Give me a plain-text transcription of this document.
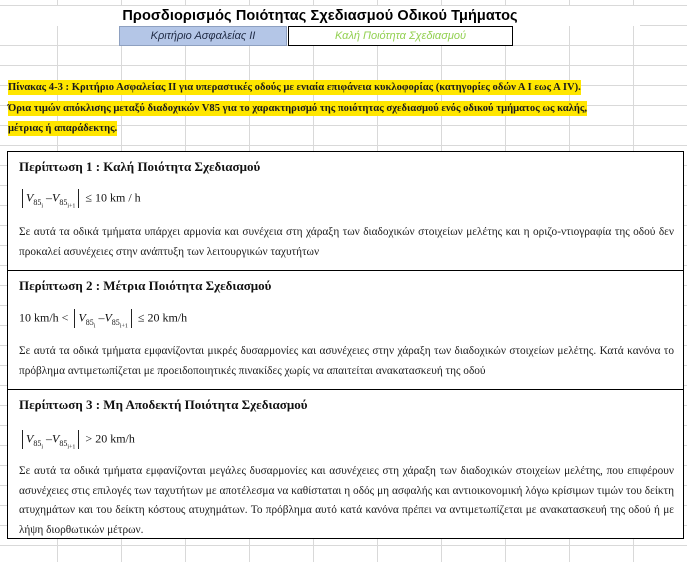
Προσδιορισμός Ποιότητας Σχεδιασμού Οδικού Τμήματος
Κριτήριο Ασφαλείας ΙΙ	Καλή Ποιότητα Σχεδιασμού
Πίνακας 4-3 : Κριτήριο Ασφαλείας ΙΙ για υπεραστικές οδούς με ενιαία επιφάνεια κυκλοφορίας (κατηγορίες οδών Α Ι εως Α IV).
Όρια τιμών απόκλισης μεταξύ διαδοχικών V85 για το χαρακτηρισμό της ποιότητας σχεδιασμού ενός οδικού τμήματος ως καλής,
μέτριας ή απαράδεκτης.
Περίπτωση 1 : Καλή Ποιότητα Σχεδιασμού
$V_{85_i}$ $-V_{85_{i+1}} \le 10$ km / h
Σε αυτά τα οδικά τμήματα υπάρχει αρμονία και συνέχεια στη χάραξη των διαδοχικών στοιχείων μελέτης και η οριζο-ντιογραφία της οδού δεν προκαλεί ασυνέχειες στην ανάπτυξη των λειτουργικών ταχυτήτων
Περίπτωση 2 : Μέτρια Ποιότητα Σχεδιασμού
10 $km/h < V_{85_i}$ $-V_{85_{i+1}} \le 20$ km/h
Σε αυτά τα οδικά τμήματα εμφανίζονται μικρές δυσαρμονίες και ασυνέχειες στην χάραξη των διαδοχικών στοιχείων μελέτης. Κατά κανόνα το πρόβλημα αντιμετωπίζεται με προειδοποιητικές πινακίδες χωρίς να απαιτείται ανακατασκευή της οδού
Περίπτωση 3 : Μη Αποδεκτή Ποιότητα Σχεδιασμού
$V_{85_i}$ $-V_{85_{i+1}} > 20$ km/h
Σε αυτά τα οδικά τμήματα εμφανίζονται μεγάλες δυσαρμονίες και ασυνέχειες στη χάραξη των διαδοχικών στοιχείων μελέτης, που επιφέρουν ασυνέχειες στις επιλογές των ταχυτήτων με αποτέλεσμα να καθίσταται η οδός μη ασφαλής και αντιοικονομική λόγω κρίσιμων τιμών του δείκτη ατυχημάτων και του δείκτη κόστους ατυχημάτων. Το πρόβλημα αυτό κατά κανόνα πρέπει να αντιμετωπίζεται με ανακατασκευή της οδού ή με λήψη διορθωτικών μέτρων.
